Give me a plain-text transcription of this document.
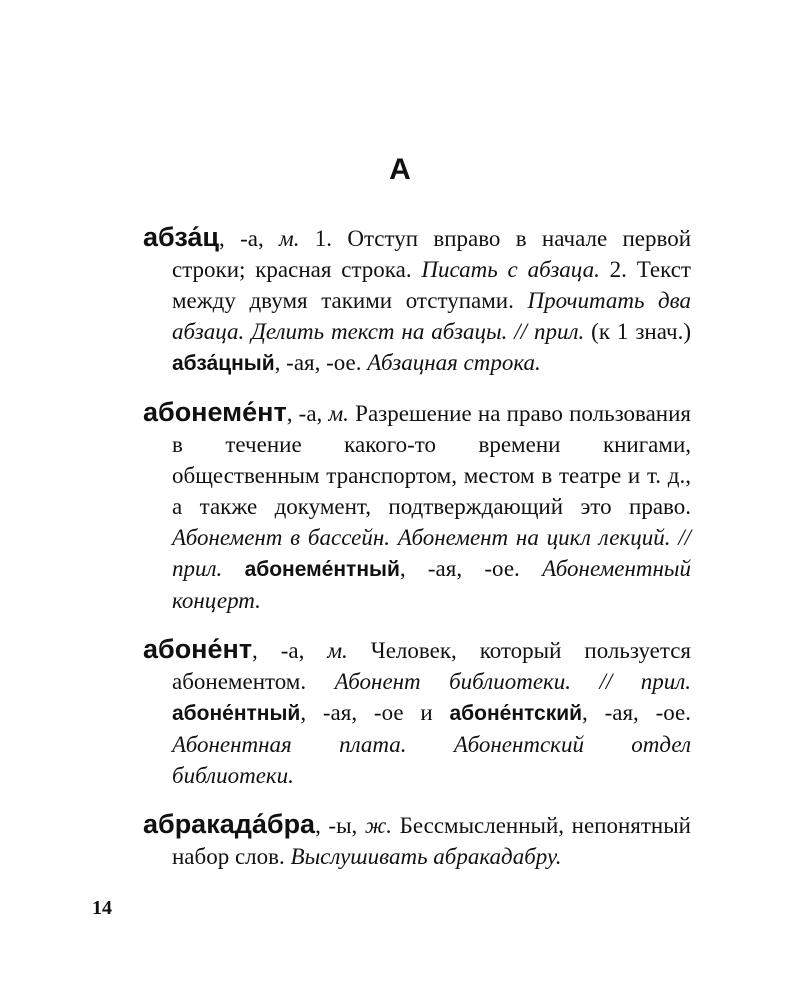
А

абза́ц, -а, м. 1. Отступ вправо в начале первой строки; красная строка. Писать с абзаца. 2. Текст между двумя такими отступами. Прочитать два абзаца. Делить текст на абзацы. // прил. (к 1 знач.) абза́цный, -ая, -ое. Абзацная строка.

абонеме́нт, -а, м. Разрешение на право пользования в течение какого-то времени книгами, общественным транспортом, местом в театре и т. д., а также документ, подтверждающий это право. Абонемент в бассейн. Абонемент на цикл лекций. // прил. абонеме́нтный, -ая, -ое. Абонементный концерт.

абоне́нт, -а, м. Человек, который пользуется абонементом. Абонент библиотеки. // прил. абоне́нтный, -ая, -ое и абоне́нтский, -ая, -ое. Абонентная плата. Абонентский отдел библиотеки.

абракада́бра, -ы, ж. Бессмысленный, непонятный набор слов. Выслушивать абракадабру.

14
